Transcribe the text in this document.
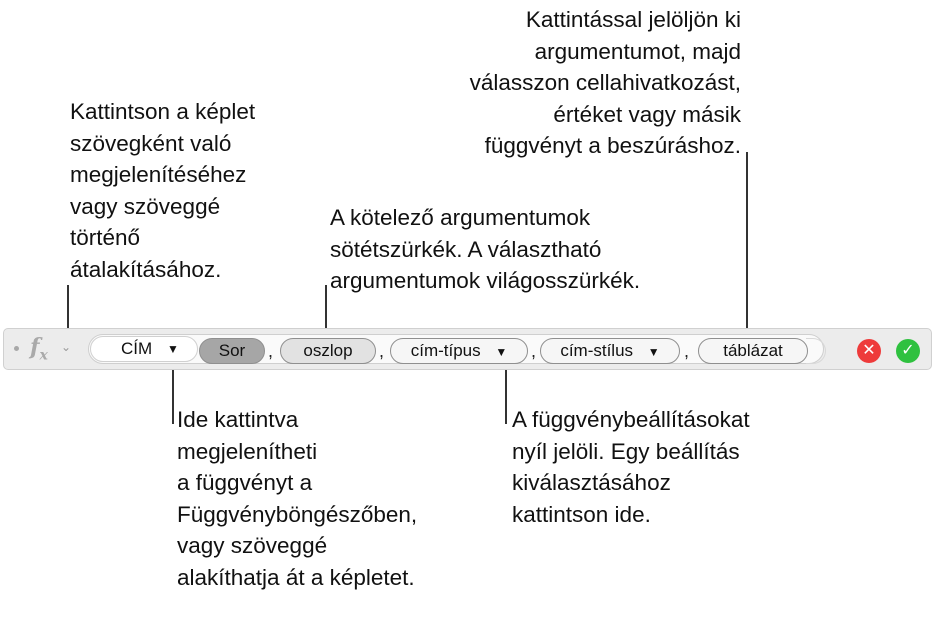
Kattintással jelöljön ki
argumentumot, majd
válasszon cellahivatkozást,
értéket vagy másik
függvényt a beszúráshoz.
Kattintson a képlet
szövegként való
megjelenítéséhez
vagy szöveggé
történő
átalakításához.
A kötelező argumentumok
sötétszürkék. A választható
argumentumok világosszürkék.
Ide kattintva
megjelenítheti
a függvényt a
Függvényböngészőben,
vagy szöveggé
alakíthatja át a képletet.
A függvénybeállításokat
nyíl jelöli. Egy beállítás
kiválasztásához
kattintson ide.
$f_x$
⌄	CÍM ▼	Sor	,	oszlop	,	cím-típus ▼	,	cím-stílus ▼	,	táblázat	✕	✓
